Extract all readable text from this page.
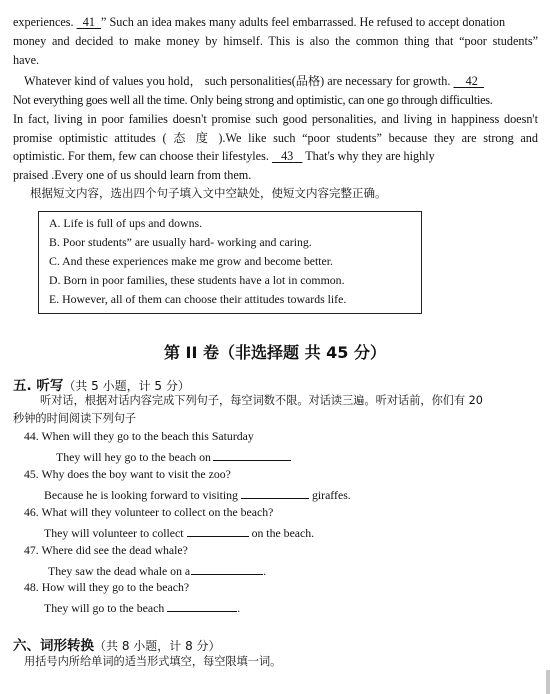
experiences. 41 ” Such an idea makes many adults feel embarrassed. He refused to accept donation
money and decided to make money by himself. This is also the common thing that “poor students”
have.
Whatever kind of values you hold， such personalities(品格) are necessary for growth. 42
Not everything goes well all the time. Only being strong and optimistic, can one go through difficulties.
In fact, living in poor families doesn't promise such good personalities, and living in happiness doesn't
promise optimistic attitudes ( 态 度 ).We like such “poor students” because they are strong and
optimistic. For them, few can choose their lifestyles. 43 That's why they are highly
praised .Every one of us should learn from them.
根据短文内容，选出四个句子填入文中空缺处，使短文内容完整正确。
A. Life is full of ups and downs.
B. Poor students” are usually hard- working and caring.
C. And these experiences make me grow and become better.
D. Born in poor families, these students have a lot in common.
E. However, all of them can choose their attitudes towards life.
第 II 卷（非选择题 共 45 分）
五. 听写（共 5 小题，计 5 分）
听对话，根据对话内容完成下列句子，每空词数不限。对话读三遍。听对话前，你们有 20
秒钟的时间阅读下列句子
44. When will they go to the beach this Saturday
They will hey go to the beach on
45. Why does the boy want to visit the zoo?
Because he is looking forward to visiting	giraffes.
46. What will they volunteer to collect on the beach?
They will volunteer to collect	on the beach.
47. Where did see the dead whale?
They saw the dead whale on a	.
48. How will they go to the beach?
They will go to the beach	.
六、词形转换（共 8 小题，计 8 分）
用括号内所给单词的适当形式填空，每空限填一词。
